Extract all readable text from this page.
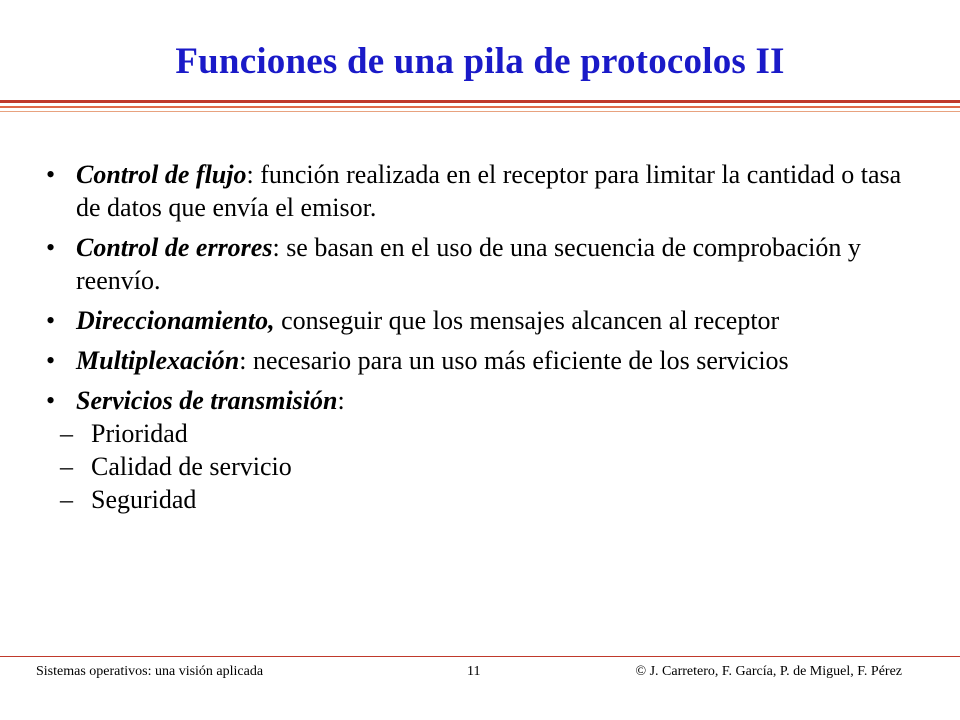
Funciones de una pila de protocolos II
• Control de flujo: función realizada en el receptor para limitar la cantidad o tasa de datos que envía el emisor.
• Control de errores: se basan en el uso de una secuencia de comprobación y reenvío.
• Direccionamiento, conseguir que los mensajes alcancen al receptor
• Multiplexación: necesario para un uso más eficiente de los servicios
• Servicios de transmisión:
– Prioridad
– Calidad de servicio
– Seguridad
Sistemas operativos: una visión aplicada	11	© J. Carretero, F. García, P. de Miguel, F. Pérez
